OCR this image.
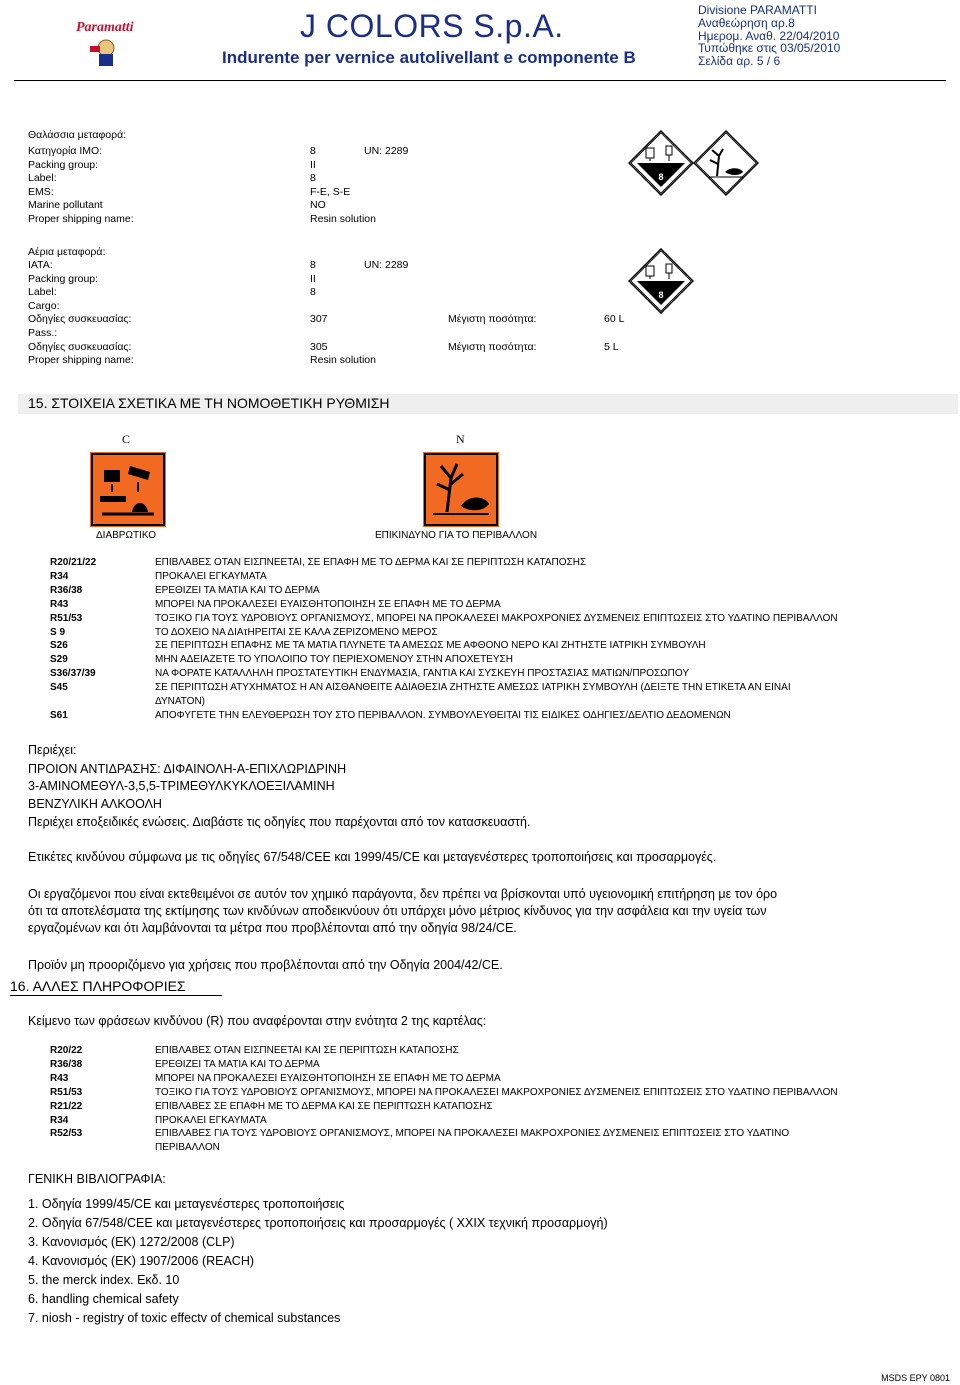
Paramatti	J COLORS S.p.A.
Indurente per vernice autolivellant e componente B
Divisione PARAMATTI
Αναθεώρηση αρ.8
Ημερομ. Αναθ. 22/04/2010
Τυπώθηκε στις 03/05/2010
Σελίδα αρ. 5 / 6
Θαλάσσια μεταφορά:
Κατηγορία IMO:	8	UN: 2289
Packing group:	II
Label:	8
EMS:	F-E, S-E
Marine pollutant	NO
Proper shipping name:	Resin solution
8
Αέρια μεταφορά:
IATA:	8	UN: 2289
Packing group:	II
Label:	8
Cargo:
Οδηγίες συσκευασίας:	307	Μέγιστη ποσότητα:	60 L
Pass.:
Οδηγίες συσκευασίας:	305	Μέγιστη ποσότητα:	5 L
Proper shipping name:	Resin solution
8
15. ΣΤΟΙΧΕΙΑ ΣΧΕΤΙΚΑ ΜΕ ΤΗ ΝΟΜΟΘΕΤΙΚΗ ΡΥΘΜΙΣΗ
C	N
ΔΙΑΒΡΩΤΙΚΟ	ΕΠΙΚΙΝΔΥΝΟ ΓΙΑ ΤΟ ΠΕΡΙΒΑΛΛΟΝ
R20/21/22	ΕΠΙΒΛΑΒΕΣ ΟΤΑΝ ΕΙΣΠΝΕΕΤΑΙ, ΣΕ ΕΠΑΦΗ ΜΕ ΤΟ ΔΕΡΜΑ ΚΑΙ ΣΕ ΠΕΡΙΠΤΩΣΗ ΚΑΤΑΠΟΣΗΣ
R34	ΠΡΟΚΑΛΕΙ ΕΓΚΑΥΜΑΤΑ
R36/38	ΕΡΕΘΙΖΕΙ ΤΑ ΜΑΤΙΑ ΚΑΙ ΤΟ ΔΕΡΜΑ
R43	ΜΠΟΡΕΙ ΝΑ ΠΡΟΚΑΛΕΣΕΙ ΕΥΑΙΣΘΗΤΟΠΟΙΗΣΗ ΣΕ ΕΠΑΦΗ ΜΕ ΤΟ ΔΕΡΜΑ
R51/53	ΤΟΞΙΚΟ ΓΙΑ ΤΟΥΣ ΥΔΡΟΒΙΟΥΣ ΟΡΓΑΝΙΣΜΟΥΣ, ΜΠΟΡΕΙ ΝΑ ΠΡΟΚΑΛΕΣΕΙ ΜΑΚΡΟΧΡΟΝΙΕΣ ΔΥΣΜΕΝΕΙΣ ΕΠΙΠΤΩΣΕΙΣ ΣΤΟ ΥΔΑΤΙΝΟ ΠΕΡΙΒΑΛΛΟΝ
S 9	ΤΟ ΔΟΧΕΙΟ ΝΑ ΔΙΑτΗΡΕΙΤΑΙ ΣΕ ΚΑΛΑ ΖΕΡΙΖΟΜΕΝΟ ΜΕΡΟΣ
S26	ΣΕ ΠΕΡΙΠΤΩΣΗ ΕΠΑΦΗΣ ΜΕ ΤΑ ΜΑΤΙΑ ΠΛΥΝΕΤΕ ΤΑ ΑΜΕΣΩΣ ΜΕ ΑΦΘΟΝΟ ΝΕΡΟ ΚΑΙ ΖΗΤΗΣΤΕ ΙΑΤΡΙΚΗ ΣΥΜΒΟΥΛΗ
S29	ΜΗΝ ΑΔΕΙΑΖΕΤΕ ΤΟ ΥΠΟΛΟΙΠΟ ΤΟΥ ΠΕΡΙΕΧΟΜΕΝΟΥ ΣΤΗΝ ΑΠΟΧΕΤΕΥΣΗ
S36/37/39	ΝΑ ΦΟΡΑΤΕ ΚΑΤΑΛΛΗΛΗ ΠΡΟΣΤΑΤΕΥΤΙΚΗ ΕΝΔΥΜΑΣΙΑ, ΓΑΝΤΙΑ ΚΑΙ ΣΥΣΚΕΥΗ ΠΡΟΣΤΑΣΙΑΣ ΜΑΤΙΩΝ/ΠΡΟΣΩΠΟΥ
S45	ΣΕ ΠΕΡΙΠΤΩΣΗ ΑΤΥΧΗΜΑΤΟΣ Η ΑΝ ΑΙΣΘΑΝΘΕΙΤΕ ΑΔΙΑΘΕΣΙΑ ΖΗΤΗΣΤΕ ΑΜΕΣΩΣ ΙΑΤΡΙΚΗ ΣΥΜΒΟΥΛΗ (ΔΕΙΞΤΕ ΤΗΝ ΕΤΙΚΕΤΑ ΑΝ ΕΙΝΑΙ
ΔΥΝΑΤΟΝ)
S61	ΑΠΟΦΥΓΕΤΕ ΤΗΝ ΕΛΕΥΘΕΡΩΣΗ ΤΟΥ ΣΤΟ ΠΕΡΙΒΑΛΛΟΝ. ΣΥΜΒΟΥΛΕΥΘΕΙΤΑΙ ΤΙΣ ΕΙΔΙΚΕΣ ΟΔΗΓΙΕΣ/ΔΕΛΤΙΟ ΔΕΔΟΜΕΝΩΝ
Περιέχει:
ΠΡΟΙΟΝ ΑΝΤΙΔΡΑΣΗΣ: ΔΙΦΑΙΝΟΛΗ-Α-ΕΠΙΧΛΩΡΙΔΡΙΝΗ
3-ΑΜΙΝΟΜΕΘΥΛ-3,5,5-ΤΡΙΜΕΘΥΛΚΥΚΛΟΕΞΙΛΑΜΙΝΗ
ΒΕΝΖΥΛΙΚΗ ΑΛΚΟΟΛΗ
Περιέχει εποξειδικές ενώσεις. Διαβάστε τις οδηγίες που παρέχονται από τον κατασκευαστή.
Ετικέτες κινδύνου σύμφωνα με τις οδηγίες 67/548/CEE και 1999/45/CE και μεταγενέστερες τροποποιήσεις και προσαρμογές.
Οι εργαζόμενοι που είναι εκτεθειμένοι σε αυτόν τον χημικό παράγοντα, δεν πρέπει να βρίσκονται υπό υγειονομική επιτήρηση με τον όρο
ότι τα αποτελέσματα της εκτίμησης των κινδύνων αποδεικνύουν ότι υπάρχει μόνο μέτριος κίνδυνος για την ασφάλεια και την υγεία των
εργαζομένων και ότι λαμβάνονται τα μέτρα που προβλέπονται από την οδηγία 98/24/CE.
Προϊόν μη προοριζόμενο για χρήσεις που προβλέπονται από την Οδηγία 2004/42/CE.
16. ΑΛΛΕΣ ΠΛΗΡΟΦΟΡΙΕΣ
Κείμενο των φράσεων κινδύνου (R) που αναφέρονται στην ενότητα 2 της καρτέλας:
R20/22	ΕΠΙΒΛΑΒΕΣ ΟΤΑΝ ΕΙΣΠΝΕΕΤΑΙ ΚΑΙ ΣΕ ΠΕΡΙΠΤΩΣΗ ΚΑΤΑΠΟΣΗΣ
R36/38	ΕΡΕΘΙΖΕΙ ΤΑ ΜΑΤΙΑ ΚΑΙ ΤΟ ΔΕΡΜΑ
R43	ΜΠΟΡΕΙ ΝΑ ΠΡΟΚΑΛΕΣΕΙ ΕΥΑΙΣΘΗΤΟΠΟΙΗΣΗ ΣΕ ΕΠΑΦΗ ΜΕ ΤΟ ΔΕΡΜΑ
R51/53	ΤΟΞΙΚΟ ΓΙΑ ΤΟΥΣ ΥΔΡΟΒΙΟΥΣ ΟΡΓΑΝΙΣΜΟΥΣ, ΜΠΟΡΕΙ ΝΑ ΠΡΟΚΑΛΕΣΕΙ ΜΑΚΡΟΧΡΟΝΙΕΣ ΔΥΣΜΕΝΕΙΣ ΕΠΙΠΤΩΣΕΙΣ ΣΤΟ ΥΔΑΤΙΝΟ ΠΕΡΙΒΑΛΛΟΝ
R21/22	ΕΠΙΒΛΑΒΕΣ ΣΕ ΕΠΑΦΗ ΜΕ ΤΟ ΔΕΡΜΑ ΚΑΙ ΣΕ ΠΕΡΙΠΤΩΣΗ ΚΑΤΑΠΟΣΗΣ
R34	ΠΡΟΚΑΛΕΙ ΕΓΚΑΥΜΑΤΑ
R52/53	ΕΠΙΒΛΑΒΕΣ ΓΙΑ ΤΟΥΣ ΥΔΡΟΒΙΟΥΣ ΟΡΓΑΝΙΣΜΟΥΣ, ΜΠΟΡΕΙ ΝΑ ΠΡΟΚΑΛΕΣΕΙ ΜΑΚΡΟΧΡΟΝΙΕΣ ΔΥΣΜΕΝΕΙΣ ΕΠΙΠΤΩΣΕΙΣ ΣΤΟ ΥΔΑΤΙΝΟ
ΠΕΡΙΒΑΛΛΟΝ
ΓΕΝΙΚΗ ΒΙΒΛΙΟΓΡΑΦΙΑ:
1. Οδηγία 1999/45/CE και μεταγενέστερες τροποποιήσεις
2. Οδηγία 67/548/CEE και μεταγενέστερες τροποποιήσεις και προσαρμογές ( XXIX τεχνική προσαρμογή)
3. Κανονισμός (ΕΚ) 1272/2008 (CLP)
4. Κανονισμός (ΕΚ) 1907/2006 (REACH)
5. the merck index. Εκδ. 10
6. handling chemical safety
7. niosh - registry of toxic effectv of chemical substances
MSDS EPY 0801
